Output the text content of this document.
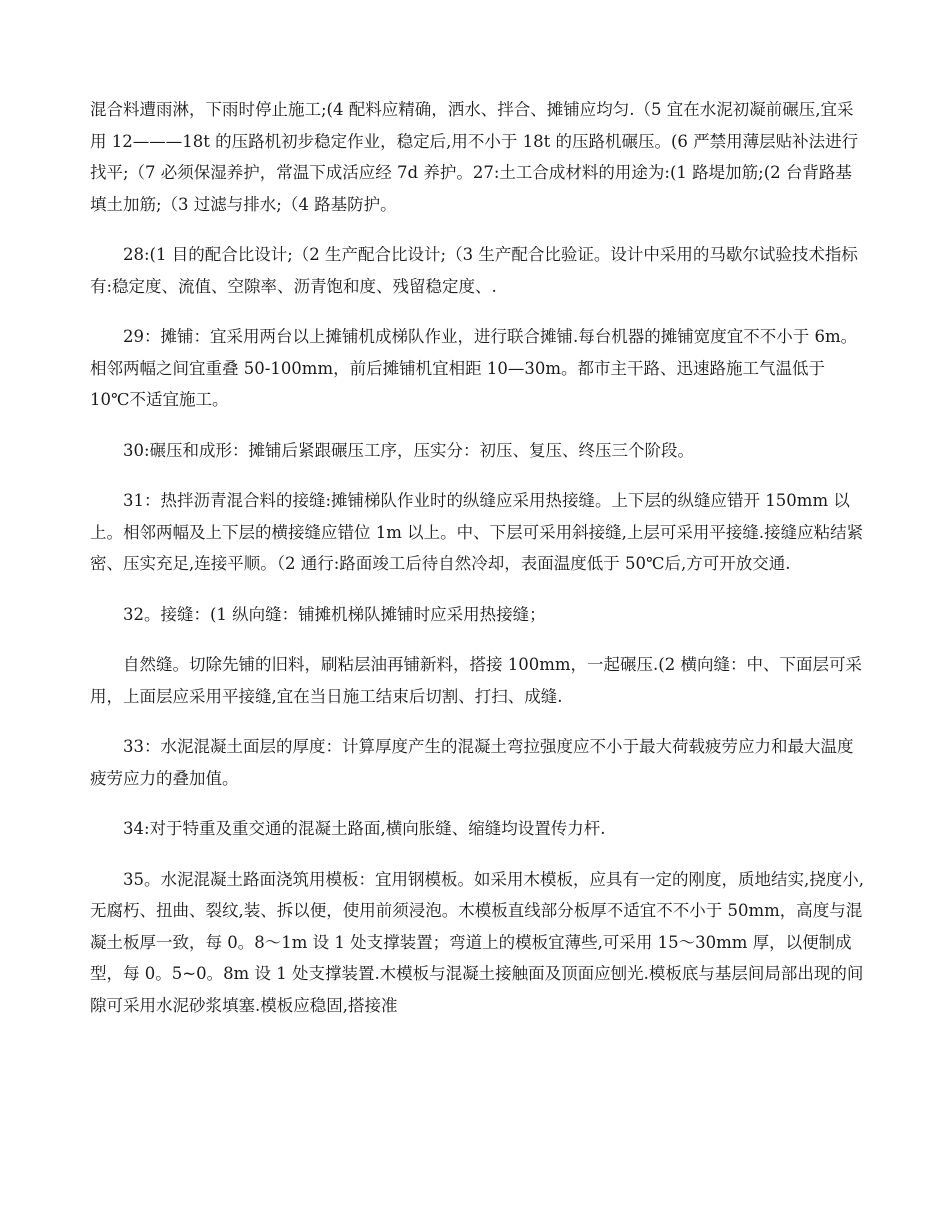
混合料遭雨淋，下雨时停止施工;(4 配料应精确，洒水、拌合、摊铺应均匀.（5 宜在水泥初凝前碾压,宜采用 12———18t 的压路机初步稳定作业，稳定后,用不小于 18t 的压路机碾压。(6 严禁用薄层贴补法进行找平;（7 必须保湿养护，常温下成活应经 7d 养护。27:土工合成材料的用途为:(1 路堤加筋;(2 台背路基填土加筋;（3 过滤与排水;（4 路基防护。

28:(1 目的配合比设计;（2 生产配合比设计;（3 生产配合比验证。设计中采用的马歇尔试验技术指标有:稳定度、流值、空隙率、沥青饱和度、残留稳定度、.

29：摊铺：宜采用两台以上摊铺机成梯队作业，进行联合摊铺.每台机器的摊铺宽度宜不不小于 6m。相邻两幅之间宜重叠 50-100mm，前后摊铺机宜相距 10—30m。都市主干路、迅速路施工气温低于 10℃不适宜施工。

30:碾压和成形：摊铺后紧跟碾压工序，压实分：初压、复压、终压三个阶段。

31：热拌沥青混合料的接缝:摊铺梯队作业时的纵缝应采用热接缝。上下层的纵缝应错开 150mm 以上。相邻两幅及上下层的横接缝应错位 1m 以上。中、下层可采用斜接缝,上层可采用平接缝.接缝应粘结紧密、压实充足,连接平顺。（2 通行:路面竣工后待自然冷却，表面温度低于 50℃后,方可开放交通.

32。接缝：(1 纵向缝：铺摊机梯队摊铺时应采用热接缝；

自然缝。切除先铺的旧料，刷粘层油再铺新料，搭接 100mm，一起碾压.(2 横向缝：中、下面层可采用，上面层应采用平接缝,宜在当日施工结束后切割、打扫、成缝.

33：水泥混凝土面层的厚度：计算厚度产生的混凝土弯拉强度应不小于最大荷载疲劳应力和最大温度疲劳应力的叠加值。

34:对于特重及重交通的混凝土路面,横向胀缝、缩缝均设置传力杆.

35。水泥混凝土路面浇筑用模板：宜用钢模板。如采用木模板，应具有一定的刚度，质地结实,挠度小,无腐朽、扭曲、裂纹,装、拆以便，使用前须浸泡。木模板直线部分板厚不适宜不不小于 50mm，高度与混凝土板厚一致，每 0。8～1m 设 1 处支撑装置；弯道上的模板宜薄些,可采用 15～30mm 厚，以便制成型，每 0。5~0。8m 设 1 处支撑装置.木模板与混凝土接触面及顶面应刨光.模板底与基层间局部出现的间隙可采用水泥砂浆填塞.模板应稳固,搭接准
